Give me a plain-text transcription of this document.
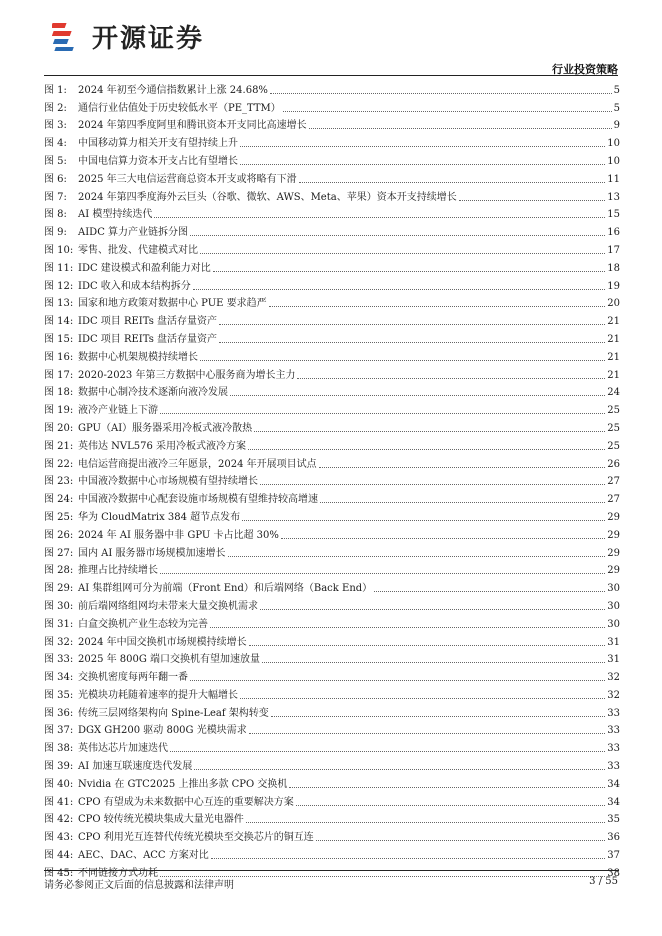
开源证券
行业投资策略
图 1:	2024 年初至今通信指数累计上涨 24.68%	5
图 2:	通信行业估值处于历史较低水平（PE_TTM）	5
图 3:	2024 年第四季度阿里和腾讯资本开支同比高速增长	9
图 4:	中国移动算力相关开支有望持续上升	10
图 5:	中国电信算力资本开支占比有望增长	10
图 6:	2025 年三大电信运营商总资本开支或将略有下滑	11
图 7:	2024 年第四季度海外云巨头（谷歌、微软、AWS、Meta、苹果）资本开支持续增长	13
图 8:	AI 模型持续迭代	15
图 9:	AIDC 算力产业链拆分图	16
图 10: 零售、批发、代建模式对比	17
图 11: IDC 建设模式和盈利能力对比	18
图 12: IDC 收入和成本结构拆分	19
图 13: 国家和地方政策对数据中心 PUE 要求趋严	20
图 14: IDC 项目 REITs 盘活存量资产	21
图 15: IDC 项目 REITs 盘活存量资产	21
图 16: 数据中心机架规模持续增长	21
图 17: 2020-2023 年第三方数据中心服务商为增长主力	21
图 18: 数据中心制冷技术逐渐向液冷发展	24
图 19: 液冷产业链上下游	25
图 20: GPU（AI）服务器采用冷板式液冷散热	25
图 21: 英伟达 NVL576 采用冷板式液冷方案	25
图 22: 电信运营商提出液冷三年愿景，2024 年开展项目试点	26
图 23: 中国液冷数据中心市场规模有望持续增长	27
图 24: 中国液冷数据中心配套设施市场规模有望维持较高增速	27
图 25: 华为 CloudMatrix 384 超节点发布	29
图 26: 2024 年 AI 服务器中非 GPU 卡占比超 30%	29
图 27: 国内 AI 服务器市场规模加速增长	29
图 28: 推理占比持续增长	29
图 29: AI 集群组网可分为前端（Front End）和后端网络（Back End）	30
图 30: 前后端网络组网均未带来大量交换机需求	30
图 31: 白盒交换机产业生态较为完善	30
图 32: 2024 年中国交换机市场规模持续增长	31
图 33: 2025 年 800G 端口交换机有望加速放量	31
图 34: 交换机密度每两年翻一番	32
图 35: 光模块功耗随着速率的提升大幅增长	32
图 36: 传统三层网络架构向 Spine-Leaf 架构转变	33
图 37: DGX GH200 驱动 800G 光模块需求	33
图 38: 英伟达芯片加速迭代	33
图 39: AI 加速互联速度迭代发展	33
图 40: Nvidia 在 GTC2025 上推出多款 CPO 交换机	34
图 41: CPO 有望成为未来数据中心互连的重要解决方案	34
图 42: CPO 较传统光模块集成大量光电器件	35
图 43: CPO 利用光互连替代传统光模块至交换芯片的铜互连	36
图 44: AEC、DAC、ACC 方案对比	37
图 45: 不同链接方式功耗	38
请务必参阅正文后面的信息披露和法律声明	3 / 55
